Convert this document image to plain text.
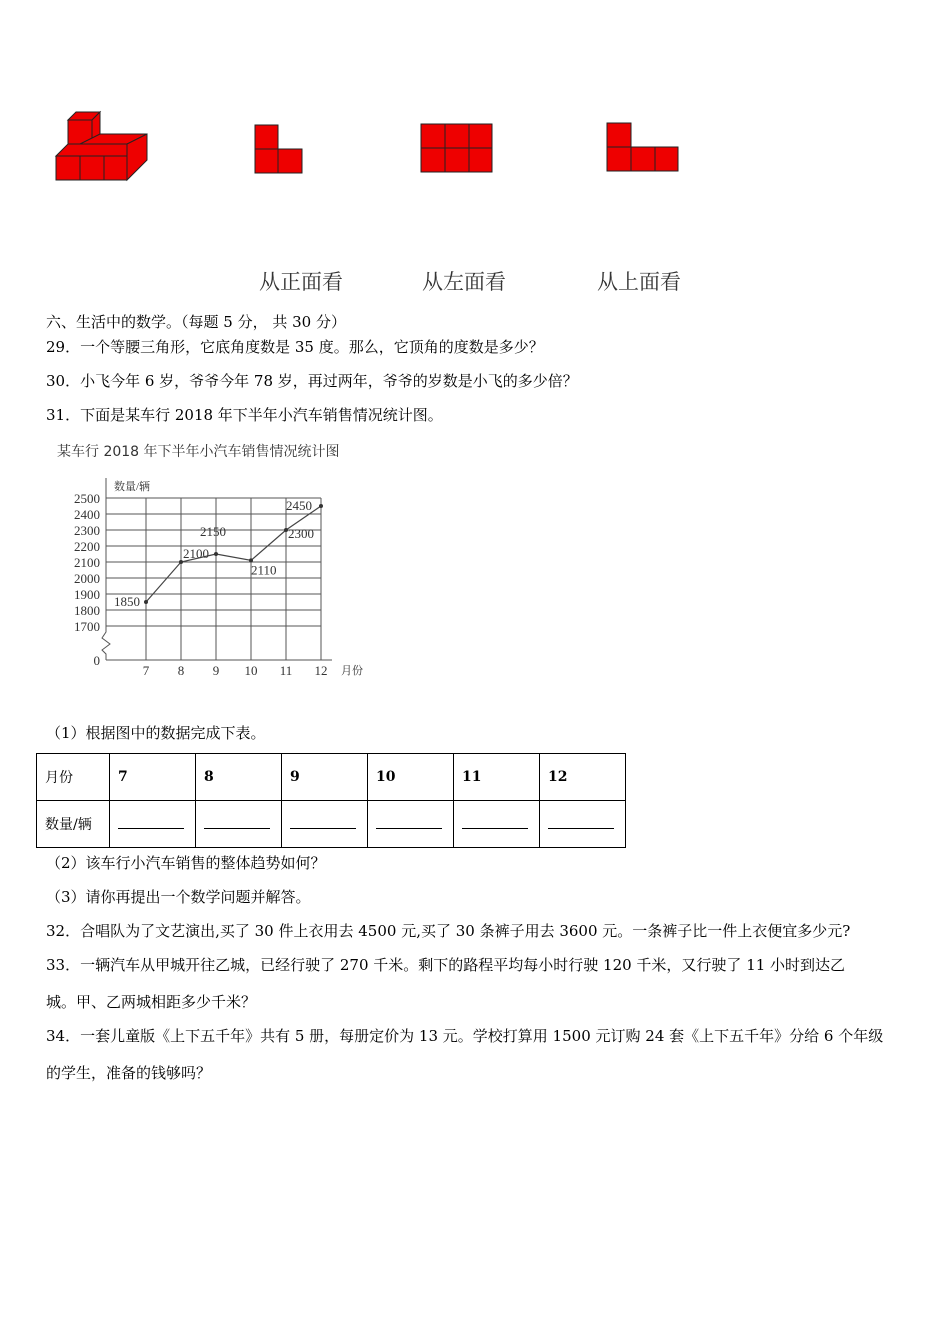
从正面看	从左面看	从上面看
六、生活中的数学。（每题 5 分， 共 30 分）
29．一个等腰三角形，它底角度数是 35 度。那么，它顶角的度数是多少？
30．小飞今年 6 岁，爷爷今年 78 岁，再过两年，爷爷的岁数是小飞的多少倍？
31．下面是某车行 2018 年下半年小汽车销售情况统计图。
某车行 2018 年下半年小汽车销售情况统计图
数量/辆
月份
2500
2400
2300
2200
2100
2000
1900
1800
1700
0
7 8 9 10 11 12
1850
2100
2150
2110
2300
2450
（1）根据图中的数据完成下表。
月份	7	8	9	10	11	12
数量/辆						
（2）该车行小汽车销售的整体趋势如何？
（3）请你再提出一个数学问题并解答。
32．合唱队为了文艺演出,买了 30 件上衣用去 4500 元,买了 30 条裤子用去 3600 元。一条裤子比一件上衣便宜多少元?
33．一辆汽车从甲城开往乙城，已经行驶了 270 千米。剩下的路程平均每小时行驶 120 千米，又行驶了 11 小时到达乙
城。甲、乙两城相距多少千米？
34．一套儿童版《上下五千年》共有 5 册，每册定价为 13 元。学校打算用 1500 元订购 24 套《上下五千年》分给 6 个年级
的学生，准备的钱够吗？
